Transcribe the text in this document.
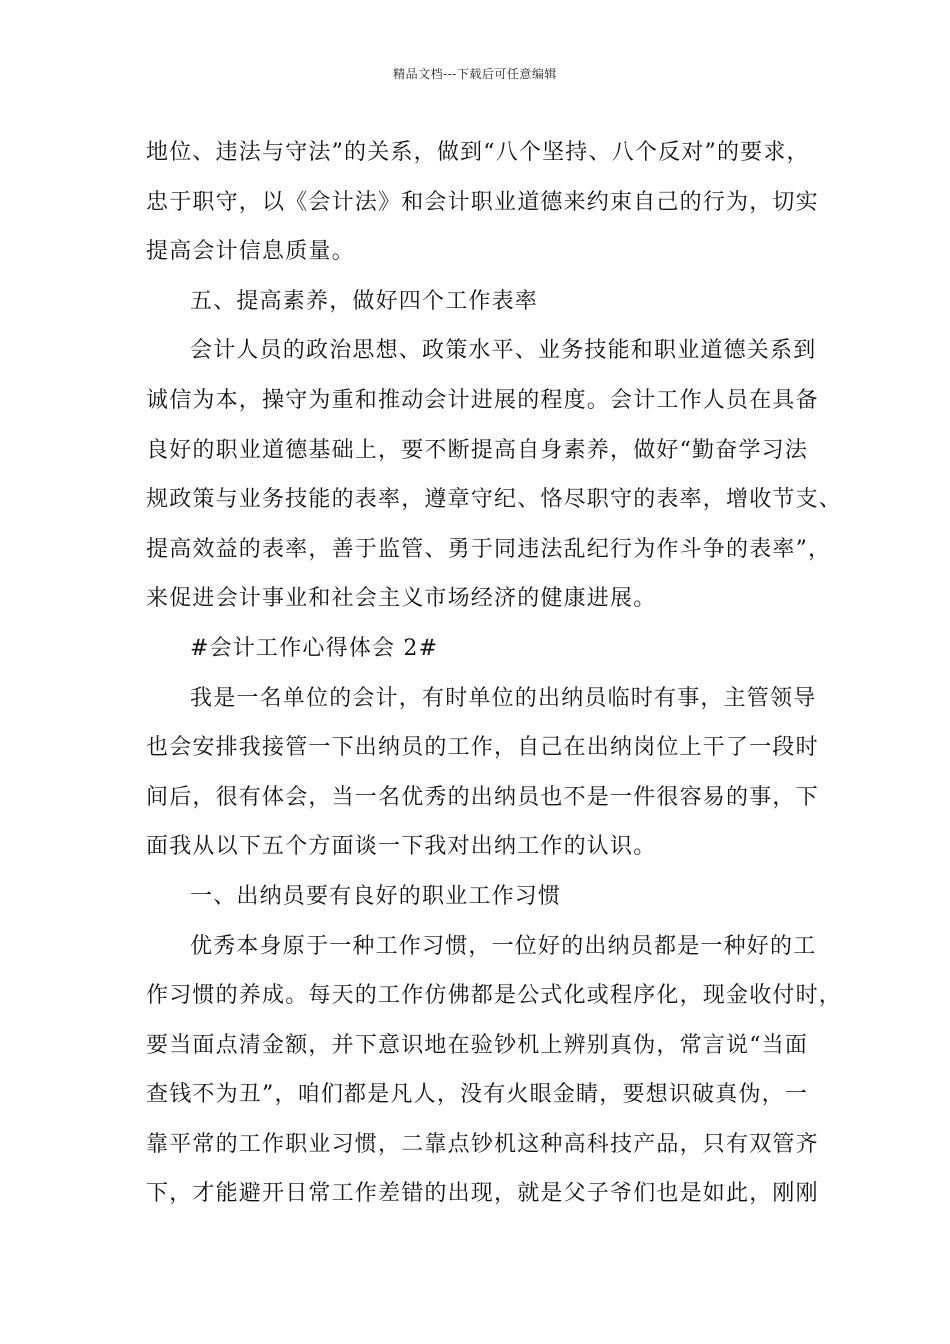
精品文档---下载后可任意编辑
地位、违法与守法”的关系，做到“八个坚持、八个反对”的要求，
忠于职守，以《会计法》和会计职业道德来约束自己的行为，切实
提高会计信息质量。
五、提高素养，做好四个工作表率
会计人员的政治思想、政策水平、业务技能和职业道德关系到
诚信为本，操守为重和推动会计进展的程度。会计工作人员在具备
良好的职业道德基础上，要不断提高自身素养，做好“勤奋学习法
规政策与业务技能的表率，遵章守纪、恪尽职守的表率，增收节支、
提高效益的表率，善于监管、勇于同违法乱纪行为作斗争的表率”，
来促进会计事业和社会主义市场经济的健康进展。
#会计工作心得体会 2#
我是一名单位的会计，有时单位的出纳员临时有事，主管领导
也会安排我接管一下出纳员的工作，自己在出纳岗位上干了一段时
间后，很有体会，当一名优秀的出纳员也不是一件很容易的事，下
面我从以下五个方面谈一下我对出纳工作的认识。
一、出纳员要有良好的职业工作习惯
优秀本身原于一种工作习惯，一位好的出纳员都是一种好的工
作习惯的养成。每天的工作仿佛都是公式化或程序化，现金收付时，
要当面点清金额，并下意识地在验钞机上辨别真伪，常言说“当面
查钱不为丑”，咱们都是凡人，没有火眼金睛，要想识破真伪，一
靠平常的工作职业习惯，二靠点钞机这种高科技产品，只有双管齐
下，才能避开日常工作差错的出现，就是父子爷们也是如此，刚刚
